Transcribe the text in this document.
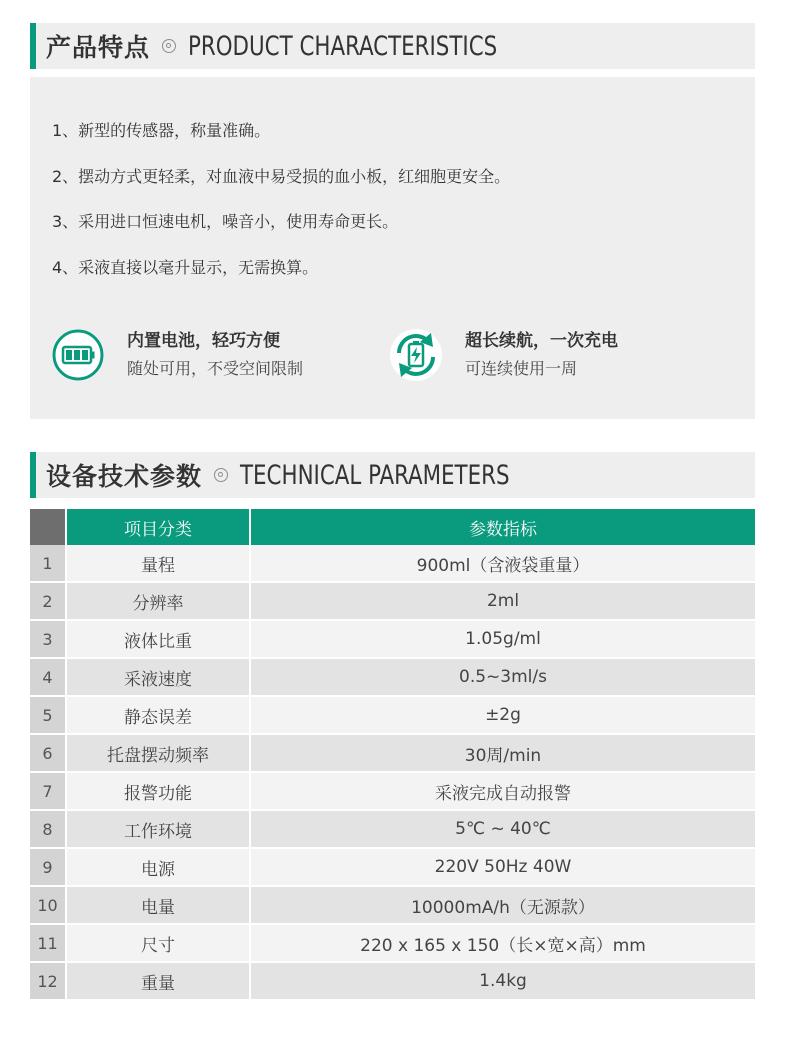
产品特点 PRODUCT CHARACTERISTICS
1、新型的传感器，称量准确。
2、摆动方式更轻柔，对血液中易受损的血小板，红细胞更安全。
3、采用进口恒速电机，噪音小，使用寿命更长。
4、采液直接以毫升显示，无需换算。
内置电池，轻巧方便
随处可用，不受空间限制
超长续航，一次充电
可连续使用一周
设备技术参数 TECHNICAL PARAMETERS
	项目分类	参数指标
1	量程	900ml（含液袋重量）
2	分辨率	2ml
3	液体比重	1.05g/ml
4	采液速度	0.5~3ml/s
5	静态误差	±2g
6	托盘摆动频率	30周/min
7	报警功能	采液完成自动报警
8	工作环境	5℃ ~ 40℃
9	电源	220V 50Hz 40W
10	电量	10000mA/h（无源款）
11	尺寸	220 x 165 x 150（长×宽×高）mm
12	重量	1.4kg
